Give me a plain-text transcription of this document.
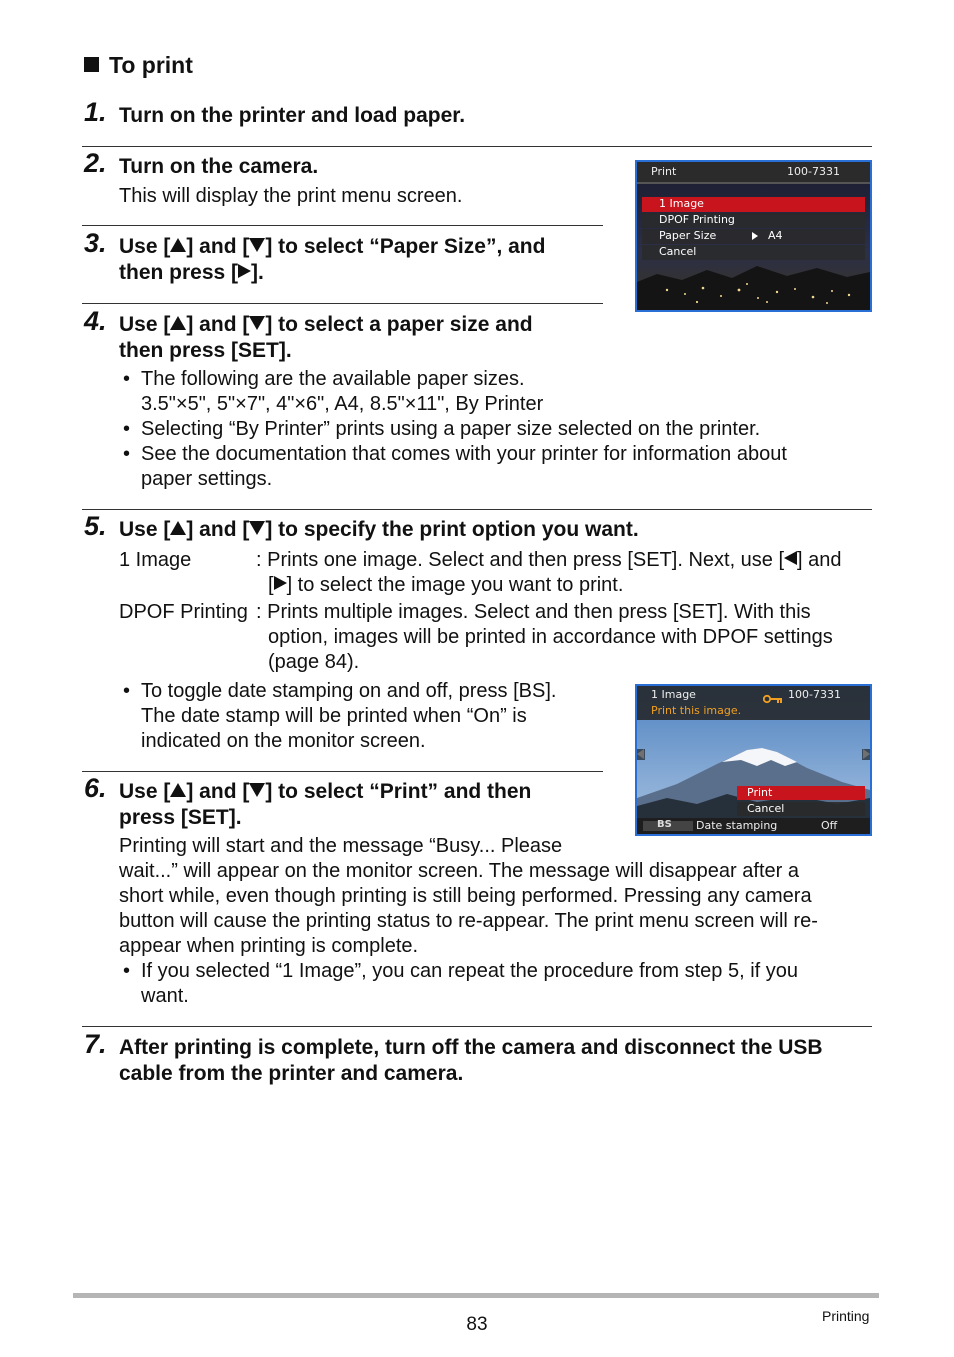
To print
1. Turn on the printer and load paper.
2. Turn on the camera.
This will display the print menu screen.
Print	100-7331
1 Image
DPOF Printing
Paper Size	A4
Cancel
3. Use [ ] and [ ] to select “Paper Size”, and
then press [ ].
4. Use [ ] and [ ] to select a paper size and
then press [SET].
• The following are the available paper sizes.
3.5"×5", 5"×7", 4"×6", A4, 8.5"×11", By Printer
• Selecting “By Printer” prints using a paper size selected on the printer.
• See the documentation that comes with your printer for information about
paper settings.
5. Use [ ] and [ ] to specify the print option you want.
1 Image	: Prints one image. Select and then press [SET]. Next, use [ ] and
[ ] to select the image you want to print.
DPOF Printing : Prints multiple images. Select and then press [SET]. With this
option, images will be printed in accordance with DPOF settings
(page 84).
• To toggle date stamping on and off, press [BS].
The date stamp will be printed when “On” is
indicated on the monitor screen.
1 Image	100-7331
Print this image.
Print
Cancel
BS Date stamping	Off
6. Use [ ] and [ ] to select “Print” and then
press [SET].
Printing will start and the message “Busy... Please
wait...” will appear on the monitor screen. The message will disappear after a
short while, even though printing is still being performed. Pressing any camera
button will cause the printing status to re-appear. The print menu screen will re-
appear when printing is complete.
• If you selected “1 Image”, you can repeat the procedure from step 5, if you
want.
7. After printing is complete, turn off the camera and disconnect the USB
cable from the printer and camera.
83	Printing
